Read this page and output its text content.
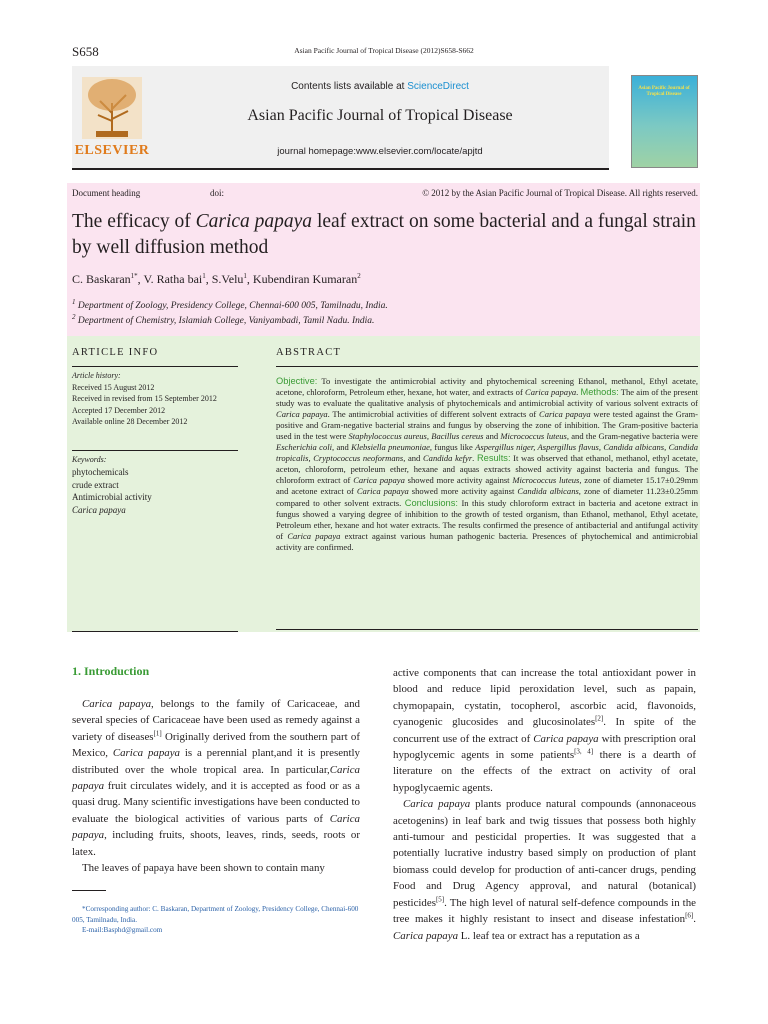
S658	Asian Pacific Journal of Tropical Disease (2012)S658-S662
ELSEVIER
Contents lists available at ScienceDirect
Asian Pacific Journal of Tropical Disease
journal homepage:www.elsevier.com/locate/apjtd
Asian Pacific Journal of Tropical Disease
Document heading	doi:	© 2012 by the Asian Pacific Journal of Tropical Disease. All rights reserved.
The efficacy of Carica papaya leaf extract on some bacterial and a fungal strain by well diffusion method
C. Baskaran$^{1*}$, V. Ratha bai$^1$, S.Velu$^1$, Kubendiran Kumaran$^2$
$^1$ Department of Zoology, Presidency College, Chennai-600 005, Tamilnadu, India.
$^2$ Department of Chemistry, Islamiah College, Vaniyambadi, Tamil Nadu. India.
ARTICLE INFO	ABSTRACT
Article history:
Received 15 August 2012
Received in revised from 15 September 2012
Accepted 17 December 2012
Available online 28 December 2012
Keywords:
phytochemicals
crude extract
Antimicrobial activity
Carica papaya
Objective: To investigate the antimicrobial activity and phytochemical screening Ethanol, methanol, Ethyl acetate, acetone, chloroform, Petroleum ether, hexane, hot water, and extracts of Carica papaya. Methods: The aim of the present study was to evaluate the qualitative analysis of phytochemicals and antimicrobial activity of various solvent extracts of Carica papaya. The antimicrobial activities of different solvent extracts of Carica papaya were tested against the Gram-positive and Gram-negative bacterial strains and fungus by observing the zone of inhibition. The Gram-positive bacteria used in the test were Staphylococcus aureus, Bacillus cereus and Micrococcus luteus, and the Gram-negative bacteria were Escherichia coli, and Klebsiella pneumoniae, fungus like Aspergillus niger, Aspergillus flavus, Candida albicans, Candida tropicalis, Cryptococcus neoformans, and Candida kefyr. Results: It was observed that ethanol, methanol, ethyl acetate, aceton, chloroform, petroleum ether, hexane and aquas extracts showed activity against bacteria and fungus. The chloroform extract of Carica papaya showed more activity against Micrococcus luteus, zone of diameter 15.17±0.29mm and acetone extract of Carica papaya showed more activity against Candida albicans, zone of diameter 11.23±0.25mm compared to other solvent extracts. Conclusions: In this study chloroform extract in bacteria and acetone extract in fungus showed a varying degree of inhibition to the growth of tested organism, than Ethanol, methanol, Ethyl acetate, Petroleum ether, hexane and hot water extracts. The results confirmed the presence of antibacterial and antifungal activity of Carica papaya extract against various human pathogenic bacteria. Presences of phytochemical and antimicrobial activity are confirmed.
1. Introduction

Carica papaya, belongs to the family of Caricaceae, and several species of Caricaceae have been used as remedy against a variety of diseases[1] Originally derived from the southern part of Mexico, Carica papaya is a perennial plant,and it is presently distributed over the whole tropical area. In particular,Carica papaya fruit circulates widely, and it is accepted as food or as a quasi drug. Many scientific investigations have been conducted to evaluate the biological activities of various parts of Carica papaya, including fruits, shoots, leaves, rinds, seeds, roots or latex.

The leaves of papaya have been shown to contain many

active components that can increase the total antioxidant power in blood and reduce lipid peroxidation level, such as papain, chymopapain, cystatin, tocopherol, ascorbic acid, flavonoids, cyanogenic glucosides and glucosinolates[2]. In spite of the concurrent use of the extract of Carica papaya with prescription oral hypoglycemic agents in some patients[3, 4] there is a dearth of literature on the effects of the extract on activity of oral hypoglycaemic agents.

Carica papaya plants produce natural compounds (annonaceous acetogenins) in leaf bark and twig tissues that possess both highly anti-tumour and pesticidal properties. It was suggested that a potentially lucrative industry based simply on production of plant biomass could develop for production of anti-cancer drugs, pending Food and Drug Agency approval, and natural (botanical) pesticides[5]. The high level of natural self-defence compounds in the tree makes it highly resistant to insect and disease infestation[6]. Carica papaya L. leaf tea or extract has a reputation as a

*Corresponding author: C. Baskaran, Department of Zoology, Presidency College, Chennai-600 005, Tamilnadu, India.
E-mail:Basphd@gmail.com
